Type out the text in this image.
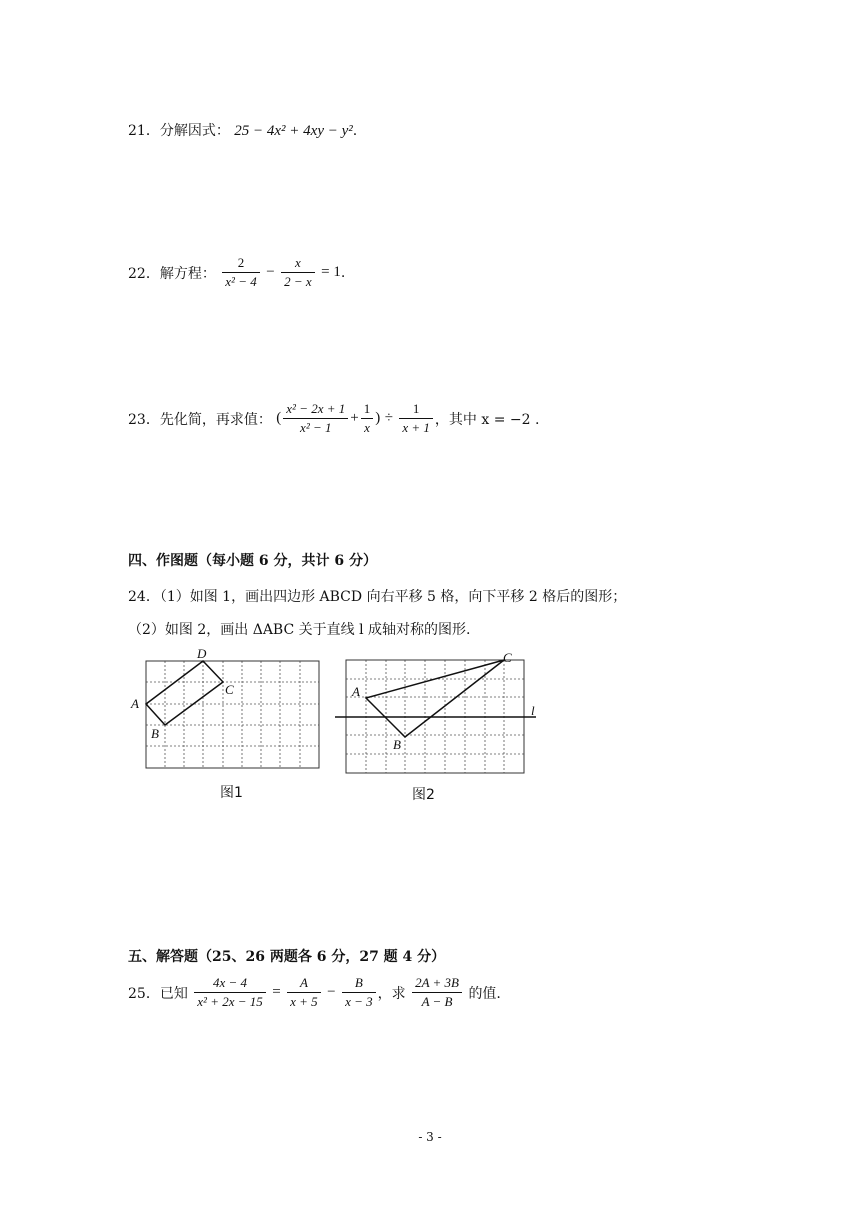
21．分解因式： 25 − 4x² + 4xy − y².
22．解方程： $\frac{2}{\text{x² − 4}} - \frac{x}{2 - x} = 1$.
23．先化简，再求值： ( $\frac{\text{x² − 2x + 1}}{\text{x² − 1}} + \frac{1}{x}$ ) ÷ $\frac{1}{x + 1}$ ，其中 x = −2 .
四、作图题（每小题 6 分，共计 6 分）
24．（1）如图 1，画出四边形 ABCD 向右平移 5 格，向下平移 2 格后的图形；
（2）如图 2，画出 ΔABC 关于直线 l 成轴对称的图形.
A
B
C
D
图1
A
B
C
l
图2
五、解答题（25、26 两题各 6 分，27 题 4 分）
25．已知 $\frac{4x - 4}{\text{x² + 2x − 15}} = \frac{A}{x + 5} - \frac{B}{x - 3}$ ，求 $\frac{2A + 3B}{A - B}$ 的值.
- 3 -
